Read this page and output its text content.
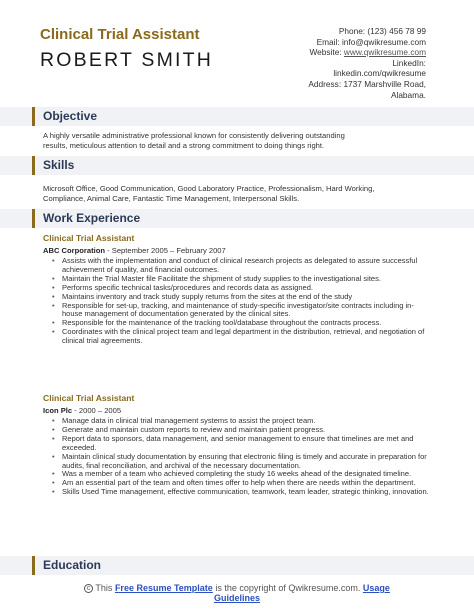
Clinical Trial Assistant
ROBERT SMITH
Phone: (123) 456 78 99
Email: info@qwikresume.com
Website: www.qwikresume.com
LinkedIn:
linkedin.com/qwikresume
Address: 1737 Marshville Road,
Alabama.
Objective
A highly versatile administrative professional known for consistently delivering outstanding
results, meticulous attention to detail and a strong commitment to doing things right.
Skills
Microsoft Office, Good Communication, Good Laboratory Practice, Professionalism, Hard Working,
Compliance, Animal Care, Fantastic Time Management, Interpersonal Skills.
Work Experience
Clinical Trial Assistant
ABC Corporation - September 2005 – February 2007
• Assists with the implementation and conduct of clinical research projects as delegated to assure successful achievement of quality, and financial outcomes.
• Maintain the Trial Master file Facilitate the shipment of study supplies to the investigational sites.
• Performs specific technical tasks/procedures and records data as assigned.
• Maintains inventory and track study supply returns from the sites at the end of the study
• Responsible for set-up, tracking, and maintenance of study-specific investigator/site contracts including in-house management of documentation generated by the clinical sites.
• Responsible for the maintenance of the tracking tool/database throughout the contracts process.
• Coordinates with the clinical project team and legal department in the distribution, retrieval, and negotiation of clinical trial agreements.
Clinical Trial Assistant
Icon Plc - 2000 – 2005
• Manage data in clinical trial management systems to assist the project team.
• Generate and maintain custom reports to review and maintain patient progress.
• Report data to sponsors, data management, and senior management to ensure that timelines are met and exceeded.
• Maintain clinical study documentation by ensuring that electronic filing is timely and accurate in preparation for audits, final reconciliation, and archival of the necessary documentation.
• Was a member of a team who achieved completing the study 16 weeks ahead of the designated timeline.
• Am an essential part of the team and often times offer to help when there are needs within the department.
• Skills Used Time management, effective communication, teamwork, team leader, strategic thinking, innovation.
Education
c This Free Resume Template is the copyright of Qwikresume.com. Usage
Guidelines
